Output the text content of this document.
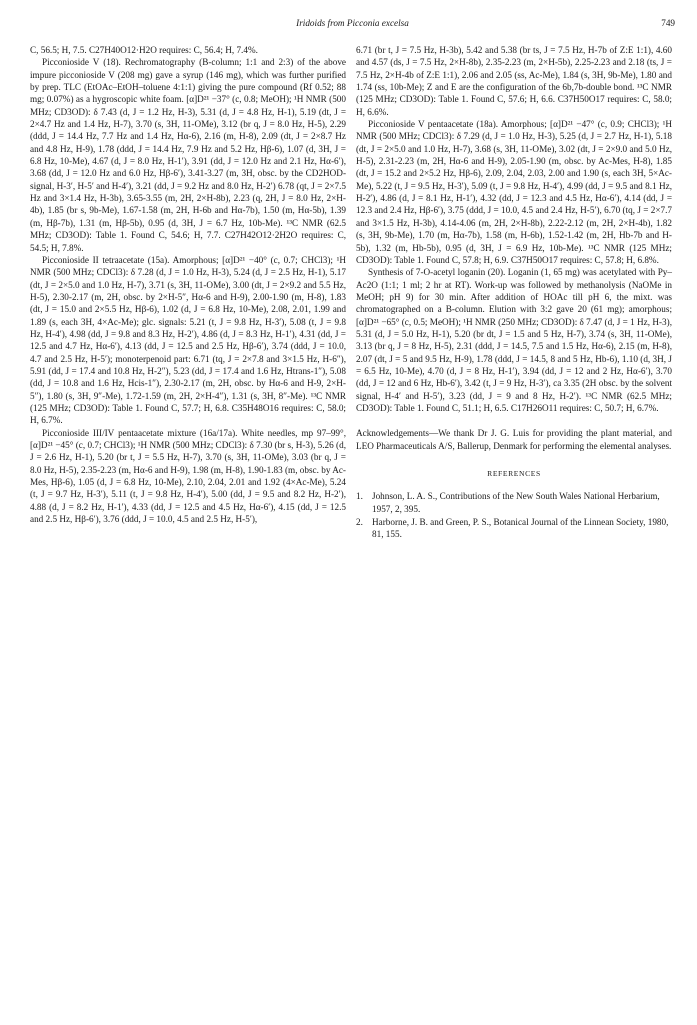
Iridoids from Picconia excelsa	749

C, 56.5; H, 7.5. C27H40O12·H2O requires: C, 56.4; H, 7.4%.

Picconioside V (18). Rechromatography (B-column; 1:1 and 2:3) of the above impure picconioside V (208 mg) gave a syrup (146 mg), which was further purified by prep. TLC (EtOAc–EtOH–toluene 4:1:1) giving the pure compound (Rf 0.52; 88 mg; 0.07%) as a hygroscopic white foam. [α]D²¹ −37° (c, 0.8; MeOH); ¹H NMR (500 MHz; CD3OD): δ 7.43 (d, J = 1.2 Hz, H-3), 5.31 (d, J = 4.8 Hz, H-1), 5.19 (dt, J = 2×4.7 Hz and 1.4 Hz, H-7), 3.70 (s, 3H, 11-OMe), 3.12 (br q, J = 8.0 Hz, H-5), 2.29 (ddd, J = 14.4 Hz, 7.7 Hz and 1.4 Hz, Hα-6), 2.16 (m, H-8), 2.09 (dt, J = 2×8.7 Hz and 4.8 Hz, H-9), 1.78 (ddd, J = 14.4 Hz, 7.9 Hz and 5.2 Hz, Hβ-6), 1.07 (d, 3H, J = 6.8 Hz, 10-Me), 4.67 (d, J = 8.0 Hz, H-1′), 3.91 (dd, J = 12.0 Hz and 2.1 Hz, Hα-6′), 3.68 (dd, J = 12.0 Hz and 6.0 Hz, Hβ-6′), 3.41-3.27 (m, 3H, obsc. by the CD2HOD-signal, H-3′, H-5′ and H-4′), 3.21 (dd, J = 9.2 Hz and 8.0 Hz, H-2′) 6.78 (qt, J = 2×7.5 Hz and 3×1.4 Hz, H-3b), 3.65-3.55 (m, 2H, 2×H-8b), 2.23 (q, 2H, J = 8.0 Hz, 2×H-4b), 1.85 (br s, 9b-Me), 1.67-1.58 (m, 2H, H-6b and Hα-7b), 1.50 (m, Hα-5b), 1.39 (m, Hβ-7b), 1.31 (m, Hβ-5b), 0.95 (d, 3H, J = 6.7 Hz, 10b-Me). ¹³C NMR (62.5 MHz; CD3OD): Table 1. Found C, 54.6; H, 7.7. C27H42O12·2H2O requires: C, 54.5; H, 7.8%.

Picconioside II tetraacetate (15a). Amorphous; [α]D²¹ −40° (c, 0.7; CHCl3); ¹H NMR (500 MHz; CDCl3): δ 7.28 (d, J = 1.0 Hz, H-3), 5.24 (d, J = 2.5 Hz, H-1), 5.17 (dt, J = 2×5.0 and 1.0 Hz, H-7), 3.71 (s, 3H, 11-OMe), 3.00 (dt, J = 2×9.2 and 5.5 Hz, H-5), 2.30-2.17 (m, 2H, obsc. by 2×H-5″, Hα-6 and H-9), 2.00-1.90 (m, H-8), 1.83 (dt, J = 15.0 and 2×5.5 Hz, Hβ-6), 1.02 (d, J = 6.8 Hz, 10-Me), 2.08, 2.01, 1.99 and 1.89 (s, each 3H, 4×Ac-Me); glc. signals: 5.21 (t, J = 9.8 Hz, H-3′), 5.08 (t, J = 9.8 Hz, H-4′), 4.98 (dd, J = 9.8 and 8.3 Hz, H-2′), 4.86 (d, J = 8.3 Hz, H-1′), 4.31 (dd, J = 12.5 and 4.7 Hz, Hα-6′), 4.13 (dd, J = 12.5 and 2.5 Hz, Hβ-6′), 3.74 (ddd, J = 10.0, 4.7 and 2.5 Hz, H-5′); monoterpenoid part: 6.71 (tq, J = 2×7.8 and 3×1.5 Hz, H-6″), 5.91 (dd, J = 17.4 and 10.8 Hz, H-2″), 5.23 (dd, J = 17.4 and 1.6 Hz, Htrans-1″), 5.08 (dd, J = 10.8 and 1.6 Hz, Hcis-1″), 2.30-2.17 (m, 2H, obsc. by Hα-6 and H-9, 2×H-5″), 1.80 (s, 3H, 9″-Me), 1.72-1.59 (m, 2H, 2×H-4″), 1.31 (s, 3H, 8″-Me). ¹³C NMR (125 MHz; CD3OD): Table 1. Found C, 57.7; H, 6.8. C35H48O16 requires: C, 58.0; H, 6.7%.

Picconioside III/IV pentaacetate mixture (16a/17a). White needles, mp 97–99°, [α]D²¹ −45° (c, 0.7; CHCl3); ¹H NMR (500 MHz; CDCl3): δ 7.30 (br s, H-3), 5.26 (d, J = 2.6 Hz, H-1), 5.20 (br t, J = 5.5 Hz, H-7), 3.70 (s, 3H, 11-OMe), 3.03 (br q, J = 8.0 Hz, H-5), 2.35-2.23 (m, Hα-6 and H-9), 1.98 (m, H-8), 1.90-1.83 (m, obsc. by Ac-Mes, Hβ-6), 1.05 (d, J = 6.8 Hz, 10-Me), 2.10, 2.04, 2.01 and 1.92 (4×Ac-Me), 5.24 (t, J = 9.7 Hz, H-3′), 5.11 (t, J = 9.8 Hz, H-4′), 5.00 (dd, J = 9.5 and 8.2 Hz, H-2′), 4.88 (d, J = 8.2 Hz, H-1′), 4.33 (dd, J = 12.5 and 4.5 Hz, Hα-6′), 4.15 (dd, J = 12.5 and 2.5 Hz, Hβ-6′), 3.76 (ddd, J = 10.0, 4.5 and 2.5 Hz, H-5′),

6.71 (br t, J = 7.5 Hz, H-3b), 5.42 and 5.38 (br ts, J = 7.5 Hz, H-7b of Z:E 1:1), 4.60 and 4.57 (ds, J = 7.5 Hz, 2×H-8b), 2.35-2.23 (m, 2×H-5b), 2.25-2.23 and 2.18 (ts, J = 7.5 Hz, 2×H-4b of Z:E 1:1), 2.06 and 2.05 (ss, Ac-Me), 1.84 (s, 3H, 9b-Me), 1.80 and 1.74 (ss, 10b-Me); Z and E are the configuration of the 6b,7b-double bond. ¹³C NMR (125 MHz; CD3OD): Table 1. Found C, 57.6; H, 6.6. C37H50O17 requires: C, 58.0; H, 6.6%.

Picconioside V pentaacetate (18a). Amorphous; [α]D²¹ −47° (c, 0.9; CHCl3); ¹H NMR (500 MHz; CDCl3): δ 7.29 (d, J = 1.0 Hz, H-3), 5.25 (d, J = 2.7 Hz, H-1), 5.18 (dt, J = 2×5.0 and 1.0 Hz, H-7), 3.68 (s, 3H, 11-OMe), 3.02 (dt, J = 2×9.0 and 5.0 Hz, H-5), 2.31-2.23 (m, 2H, Hα-6 and H-9), 2.05-1.90 (m, obsc. by Ac-Mes, H-8), 1.85 (dt, J = 15.2 and 2×5.2 Hz, Hβ-6), 2.09, 2.04, 2.03, 2.00 and 1.90 (s, each 3H, 5×Ac-Me), 5.22 (t, J = 9.5 Hz, H-3′), 5.09 (t, J = 9.8 Hz, H-4′), 4.99 (dd, J = 9.5 and 8.1 Hz, H-2′), 4.86 (d, J = 8.1 Hz, H-1′), 4.32 (dd, J = 12.3 and 4.5 Hz, Hα-6′), 4.14 (dd, J = 12.3 and 2.4 Hz, Hβ-6′), 3.75 (ddd, J = 10.0, 4.5 and 2.4 Hz, H-5′), 6.70 (tq, J = 2×7.7 and 3×1.5 Hz, H-3b), 4.14-4.06 (m, 2H, 2×H-8b), 2.22-2.12 (m, 2H, 2×H-4b), 1.82 (s, 3H, 9b-Me), 1.70 (m, Hα-7b), 1.58 (m, H-6b), 1.52-1.42 (m, 2H, Hb-7b and H-5b), 1.32 (m, Hb-5b), 0.95 (d, 3H, J = 6.9 Hz, 10b-Me). ¹³C NMR (125 MHz; CD3OD): Table 1. Found C, 57.8; H, 6.9. C37H50O17 requires: C, 57.8; H, 6.8%.

Synthesis of 7-O-acetyl loganin (20). Loganin (1, 65 mg) was acetylated with Py–Ac2O (1:1; 1 ml; 2 hr at RT). Work-up was followed by methanolysis (NaOMe in MeOH; pH 9) for 30 min. After addition of HOAc till pH 6, the mixt. was chromatographed on a B-column. Elution with 3:2 gave 20 (61 mg); amorphous; [α]D²¹ −65° (c, 0.5; MeOH); ¹H NMR (250 MHz; CD3OD): δ 7.47 (d, J = 1 Hz, H-3), 5.31 (d, J = 5.0 Hz, H-1), 5.20 (br dt, J = 1.5 and 5 Hz, H-7), 3.74 (s, 3H, 11-OMe), 3.13 (br q, J = 8 Hz, H-5), 2.31 (ddd, J = 14.5, 7.5 and 1.5 Hz, Hα-6), 2.15 (m, H-8), 2.07 (dt, J = 5 and 9.5 Hz, H-9), 1.78 (ddd, J = 14.5, 8 and 5 Hz, Hb-6), 1.10 (d, 3H, J = 6.5 Hz, 10-Me), 4.70 (d, J = 8 Hz, H-1′), 3.94 (dd, J = 12 and 2 Hz, Hα-6′), 3.70 (dd, J = 12 and 6 Hz, Hb-6′), 3.42 (t, J = 9 Hz, H-3′), ca 3.35 (2H obsc. by the solvent signal, H-4′ and H-5′), 3.23 (dd, J = 9 and 8 Hz, H-2′). ¹³C NMR (62.5 MHz; CD3OD): Table 1. Found C, 51.1; H, 6.5. C17H26O11 requires: C, 50.7; H, 6.7%.

Acknowledgements—We thank Dr J. G. Luis for providing the plant material, and LEO Pharmaceuticals A/S, Ballerup, Denmark for performing the elemental analyses.

REFERENCES
1. Johnson, L. A. S., Contributions of the New South Wales National Herbarium, 1957, 2, 395.
2. Harborne, J. B. and Green, P. S., Botanical Journal of the Linnean Society, 1980, 81, 155.
